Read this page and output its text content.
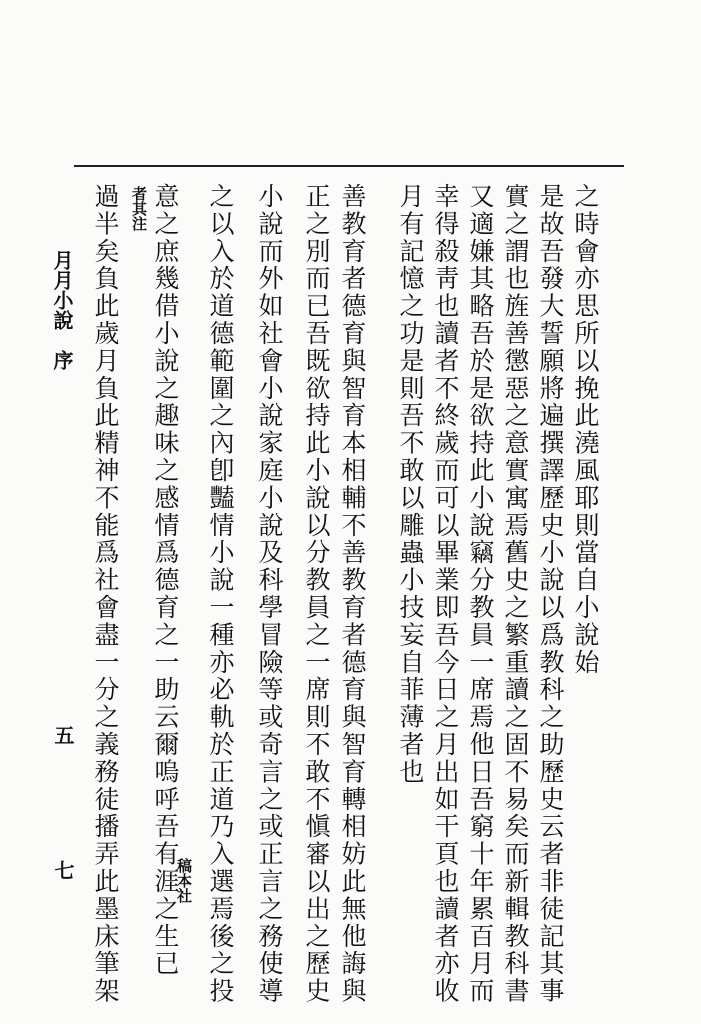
之時會亦思所以挽此澆風耶則當自小說始
是故吾發大誓願將遍撰譯歷史小說以爲教科之助歷史云者非徒記其事
實之謂也旌善懲惡之意實寓焉舊史之繁重讀之固不易矣而新輯教科書
又適嫌其略吾於是欲持此小說竊分教員一席焉他日吾窮十年累百月而
幸得殺靑也讀者不終歲而可以畢業即吾今日之月出如干頁也讀者亦收
月有記憶之功是則吾不敢以雕蟲小技妄自菲薄者也
善教育者德育與智育本相輔不善教育者德育與智育轉相妨此無他誨與
正之別而已吾既欲持此小說以分教員之一席則不敢不愼審以出之歷史
小說而外如社會小說家庭小說及科學冒險等或奇言之或正言之務使導
之以入於道德範圍之內卽豔情小說一種亦必軌於正道乃入選焉後之投
意之庶幾借小說之趣味之感情爲德育之一助云爾嗚呼吾有涯之生已
過半矣負此歲月負此精神不能爲社會盡一分之義務徒播弄此墨床筆架	稿本社
者其注
月月小說
序
五
七
